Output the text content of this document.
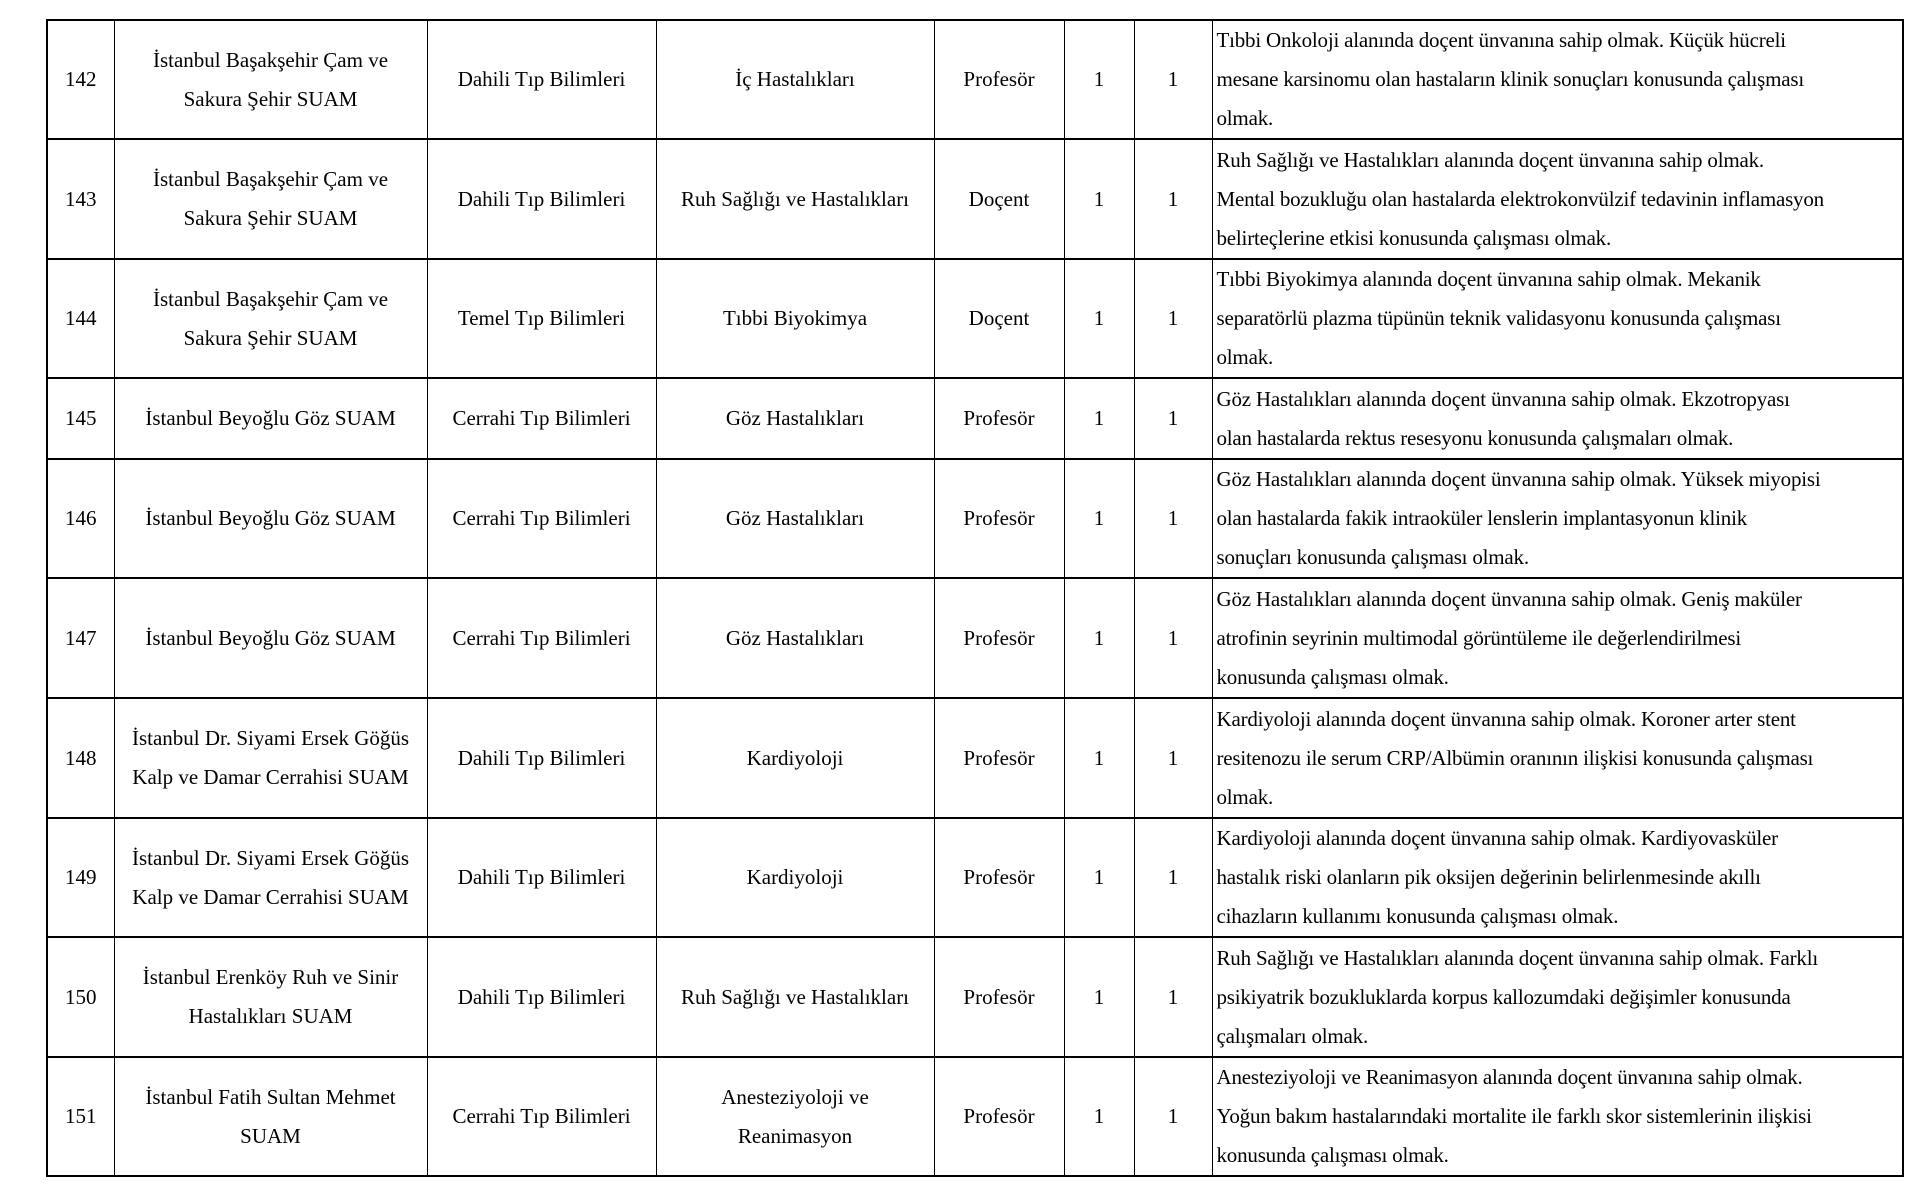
142	İstanbul Başakşehir Çam ve
Sakura Şehir SUAM	Dahili Tıp Bilimleri	İç Hastalıkları	Profesör	1	1	Tıbbi Onkoloji alanında doçent ünvanına sahip olmak. Küçük hücreli
mesane karsinomu olan hastaların klinik sonuçları konusunda çalışması
olmak.

143	İstanbul Başakşehir Çam ve
Sakura Şehir SUAM	Dahili Tıp Bilimleri	Ruh Sağlığı ve Hastalıkları	Doçent	1	1	Ruh Sağlığı ve Hastalıkları alanında doçent ünvanına sahip olmak.
Mental bozukluğu olan hastalarda elektrokonvülzif tedavinin inflamasyon
belirteçlerine etkisi konusunda çalışması olmak.

144	İstanbul Başakşehir Çam ve
Sakura Şehir SUAM	Temel Tıp Bilimleri	Tıbbi Biyokimya	Doçent	1	1	Tıbbi Biyokimya alanında doçent ünvanına sahip olmak. Mekanik
separatörlü plazma tüpünün teknik validasyonu konusunda çalışması
olmak.

145	İstanbul Beyoğlu Göz SUAM	Cerrahi Tıp Bilimleri	Göz Hastalıkları	Profesör	1	1	Göz Hastalıkları alanında doçent ünvanına sahip olmak. Ekzotropyası
olan hastalarda rektus resesyonu konusunda çalışmaları olmak.

146	İstanbul Beyoğlu Göz SUAM	Cerrahi Tıp Bilimleri	Göz Hastalıkları	Profesör	1	1	Göz Hastalıkları alanında doçent ünvanına sahip olmak. Yüksek miyopisi
olan hastalarda fakik intraoküler lenslerin implantasyonun klinik
sonuçları konusunda çalışması olmak.

147	İstanbul Beyoğlu Göz SUAM	Cerrahi Tıp Bilimleri	Göz Hastalıkları	Profesör	1	1	Göz Hastalıkları alanında doçent ünvanına sahip olmak. Geniş maküler
atrofinin seyrinin multimodal görüntüleme ile değerlendirilmesi
konusunda çalışması olmak.

148	İstanbul Dr. Siyami Ersek Göğüs
Kalp ve Damar Cerrahisi SUAM	Dahili Tıp Bilimleri	Kardiyoloji	Profesör	1	1	Kardiyoloji alanında doçent ünvanına sahip olmak. Koroner arter stent
resitenozu ile serum CRP/Albümin oranının ilişkisi konusunda çalışması
olmak.

149	İstanbul Dr. Siyami Ersek Göğüs
Kalp ve Damar Cerrahisi SUAM	Dahili Tıp Bilimleri	Kardiyoloji	Profesör	1	1	Kardiyoloji alanında doçent ünvanına sahip olmak. Kardiyovasküler
hastalık riski olanların pik oksijen değerinin belirlenmesinde akıllı
cihazların kullanımı konusunda çalışması olmak.

150	İstanbul Erenköy Ruh ve Sinir
Hastalıkları SUAM	Dahili Tıp Bilimleri	Ruh Sağlığı ve Hastalıkları	Profesör	1	1	Ruh Sağlığı ve Hastalıkları alanında doçent ünvanına sahip olmak. Farklı
psikiyatrik bozukluklarda korpus kallozumdaki değişimler konusunda
çalışmaları olmak.

151	İstanbul Fatih Sultan Mehmet
SUAM	Cerrahi Tıp Bilimleri	Anesteziyoloji ve
Reanimasyon	Profesör	1	1	Anesteziyoloji ve Reanimasyon alanında doçent ünvanına sahip olmak.
Yoğun bakım hastalarındaki mortalite ile farklı skor sistemlerinin ilişkisi
konusunda çalışması olmak.
